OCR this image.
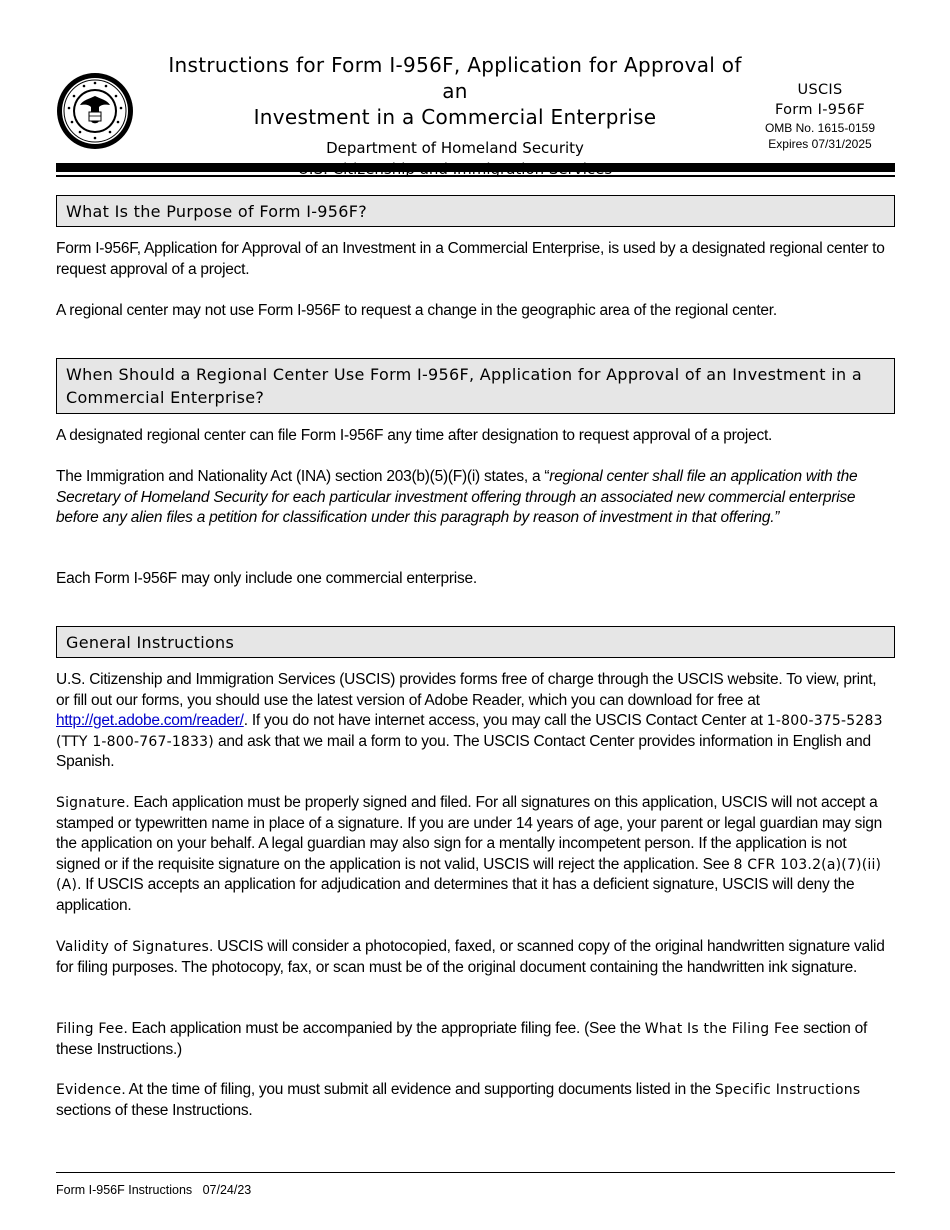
Instructions for Form I-956F, Application for Approval of an
Investment in a Commercial Enterprise
Department of Homeland Security
USCIS
Form I-956F
OMB No. 1615-0159
Expires 07/31/2025
What Is the Purpose of Form I-956F?
Form I-956F, Application for Approval of an Investment in a Commercial Enterprise, is used by a designated regional center to request approval of a project.
A regional center may not use Form I-956F to request a change in the geographic area of the regional center.
When Should a Regional Center Use Form I-956F, Application for Approval of an Investment in a
Commercial Enterprise?
A designated regional center can file Form I-956F any time after designation to request approval of a project.
The Immigration and Nationality Act (INA) section 203(b)(5)(F)(i) states, a “regional center shall file an application with the Secretary of Homeland Security for each particular investment offering through an associated new commercial enterprise before any alien files a petition for classification under this paragraph by reason of investment in that offering.”
Each Form I-956F may only include one commercial enterprise.
General Instructions
U.S. Citizenship and Immigration Services (USCIS) provides forms free of charge through the USCIS website. To view, print, or fill out our forms, you should use the latest version of Adobe Reader, which you can download for free at http://get.adobe.com/reader/. If you do not have internet access, you may call the USCIS Contact Center at 1-800-375-5283 (TTY 1-800-767-1833) and ask that we mail a form to you. The USCIS Contact Center provides information in English and Spanish.
Signature. Each application must be properly signed and filed. For all signatures on this application, USCIS will not accept a stamped or typewritten name in place of a signature. If you are under 14 years of age, your parent or legal guardian may sign the application on your behalf. A legal guardian may also sign for a mentally incompetent person. If the application is not signed or if the requisite signature on the application is not valid, USCIS will reject the application. See 8 CFR 103.2(a)(7)(ii)(A). If USCIS accepts an application for adjudication and determines that it has a deficient signature, USCIS will deny the application.
Validity of Signatures. USCIS will consider a photocopied, faxed, or scanned copy of the original handwritten signature valid for filing purposes. The photocopy, fax, or scan must be of the original document containing the handwritten ink signature.
Filing Fee. Each application must be accompanied by the appropriate filing fee. (See the What Is the Filing Fee section of these Instructions.)
Evidence. At the time of filing, you must submit all evidence and supporting documents listed in the Specific Instructions sections of these Instructions.
Form I-956F Instructions   07/24/23
